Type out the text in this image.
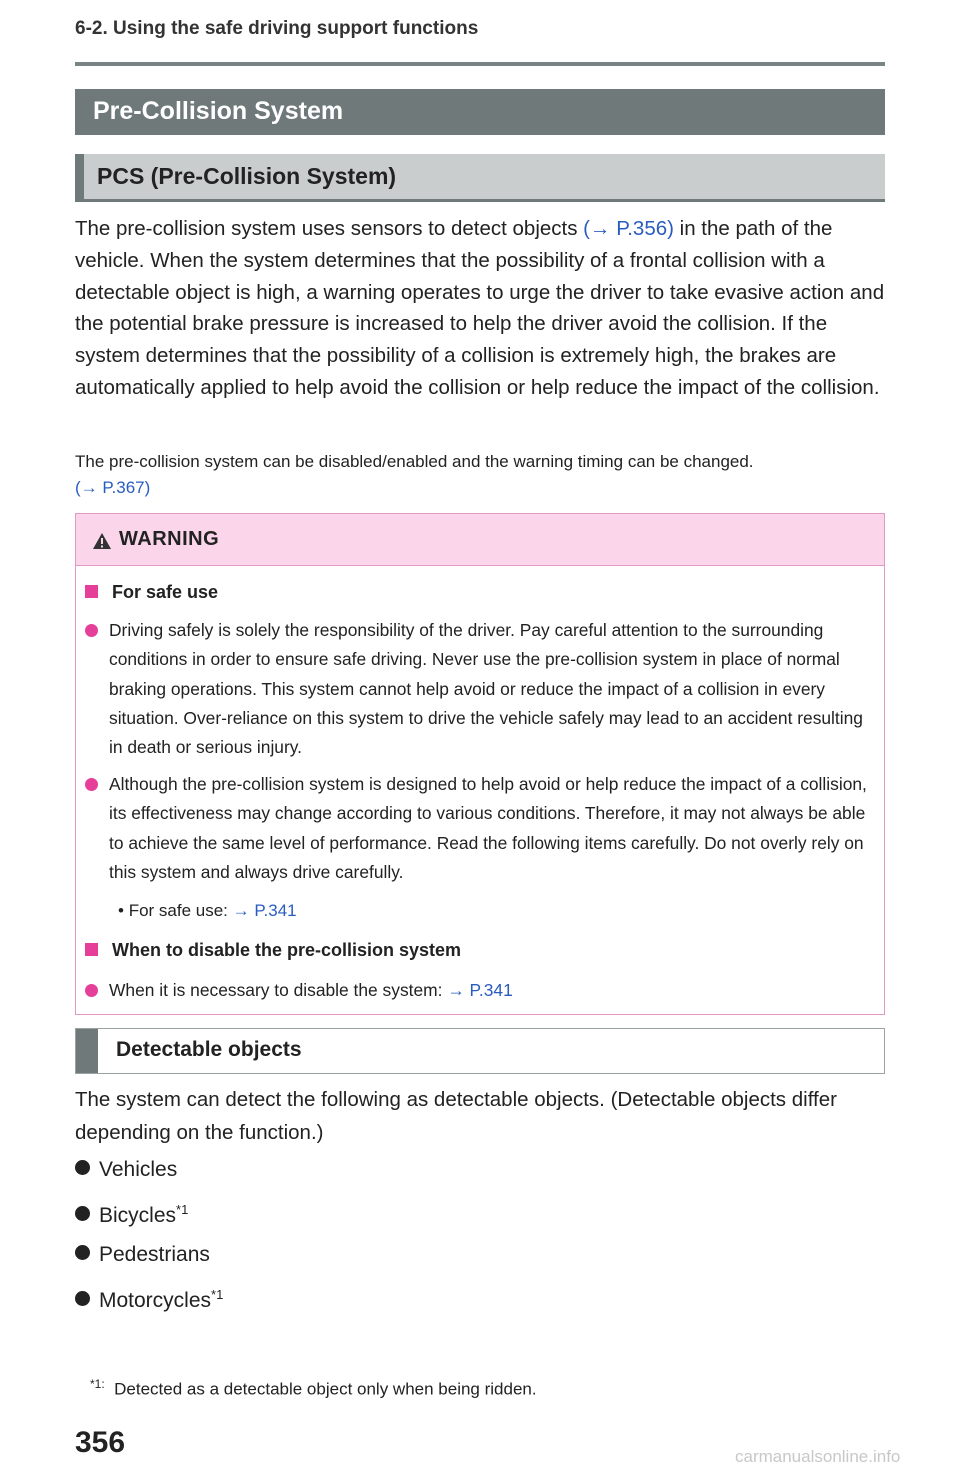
6-2. Using the safe driving support functions
Pre-Collision System
PCS (Pre-Collision System)
The pre-collision system uses sensors to detect objects (→ P.356) in the path of the vehicle. When the system determines that the possibility of a frontal collision with a detectable object is high, a warning operates to urge the driver to take evasive action and the potential brake pressure is increased to help the driver avoid the collision. If the system determines that the possibility of a collision is extremely high, the brakes are automatically applied to help avoid the collision or help reduce the impact of the collision.
The pre-collision system can be disabled/enabled and the warning timing can be changed.
(→ P.367)
WARNING
For safe use
Driving safely is solely the responsibility of the driver. Pay careful attention to the surrounding conditions in order to ensure safe driving. Never use the pre-collision system in place of normal braking operations. This system cannot help avoid or reduce the impact of a collision in every situation. Over-reliance on this system to drive the vehicle safely may lead to an accident resulting in death or serious injury.
Although the pre-collision system is designed to help avoid or help reduce the impact of a collision, its effectiveness may change according to various conditions. Therefore, it may not always be able to achieve the same level of performance. Read the following items carefully. Do not overly rely on this system and always drive carefully.
• For safe use: → P.341
When to disable the pre-collision system
When it is necessary to disable the system: → P.341
Detectable objects
The system can detect the following as detectable objects. (Detectable objects differ depending on the function.)
Vehicles
Bicycles$^{*1}$
Pedestrians
Motorcycles$^{*1}$
$^{*1:}$ Detected as a detectable object only when being ridden.
356	carmanualsonline.info
